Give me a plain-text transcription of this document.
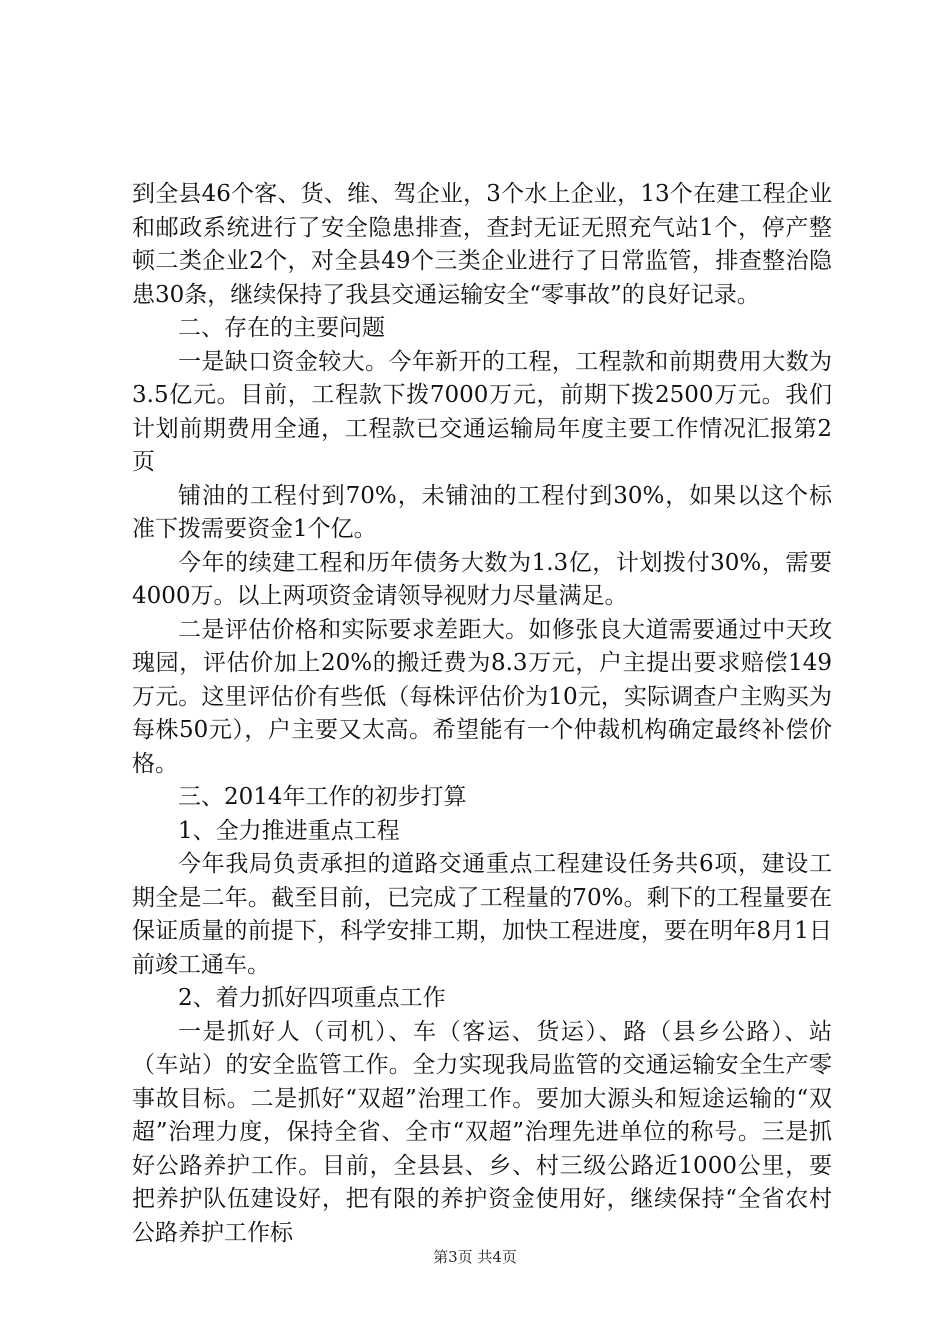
到全县46个客、货、维、驾企业，3个水上企业，13个在建工程企业和邮政系统进行了安全隐患排查，查封无证无照充气站1个，停产整顿二类企业2个，对全县49个三类企业进行了日常监管，排查整治隐患30条，继续保持了我县交通运输安全“零事故”的良好记录。

二、存在的主要问题

一是缺口资金较大。今年新开的工程，工程款和前期费用大数为3.5亿元。目前，工程款下拨7000万元，前期下拨2500万元。我们计划前期费用全通，工程款已交通运输局年度主要工作情况汇报第2页

铺油的工程付到70%，未铺油的工程付到30%，如果以这个标准下拨需要资金1个亿。

今年的续建工程和历年债务大数为1.3亿，计划拨付30%，需要4000万。以上两项资金请领导视财力尽量满足。

二是评估价格和实际要求差距大。如修张良大道需要通过中天玫瑰园，评估价加上20%的搬迁费为8.3万元，户主提出要求赔偿149万元。这里评估价有些低（每株评估价为10元，实际调查户主购买为每株50元），户主要又太高。希望能有一个仲裁机构确定最终补偿价格。

三、2014年工作的初步打算

1、全力推进重点工程

今年我局负责承担的道路交通重点工程建设任务共6项，建设工期全是二年。截至目前，已完成了工程量的70%。剩下的工程量要在保证质量的前提下，科学安排工期，加快工程进度，要在明年8月1日前竣工通车。

2、着力抓好四项重点工作

一是抓好人（司机）、车（客运、货运）、路（县乡公路）、站（车站）的安全监管工作。全力实现我局监管的交通运输安全生产零事故目标。二是抓好“双超”治理工作。要加大源头和短途运输的“双超”治理力度，保持全省、全市“双超”治理先进单位的称号。三是抓好公路养护工作。目前，全县县、乡、村三级公路近1000公里，要把养护队伍建设好，把有限的养护资金使用好，继续保持“全省农村公路养护工作标

第3页 共4页
